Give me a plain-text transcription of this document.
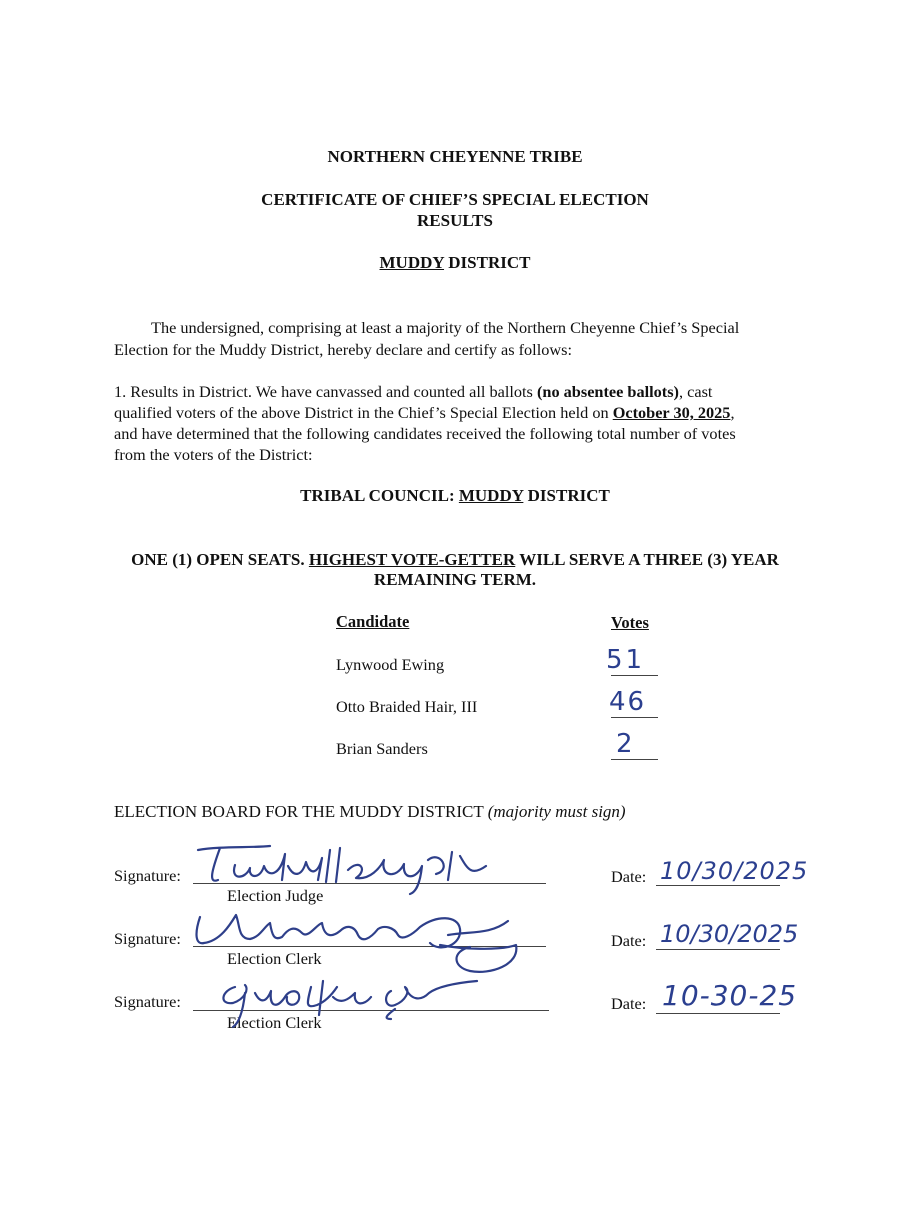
NORTHERN CHEYENNE TRIBE
CERTIFICATE OF CHIEF’S SPECIAL ELECTION
RESULTS
MUDDY DISTRICT
The undersigned, comprising at least a majority of the Northern Cheyenne Chief’s Special
Election for the Muddy District, hereby declare and certify as follows:
1. Results in District. We have canvassed and counted all ballots (no absentee ballots), cast
qualified voters of the above District in the Chief’s Special Election held on October 30, 2025,
and have determined that the following candidates received the following total number of votes
from the voters of the District:
TRIBAL COUNCIL: MUDDY DISTRICT
ONE (1) OPEN SEATS. HIGHEST VOTE-GETTER WILL SERVE A THREE (3) YEAR
REMAINING TERM.
Candidate	Votes
Lynwood Ewing	51
Otto Braided Hair, III	46
Brian Sanders	2
ELECTION BOARD FOR THE MUDDY DISTRICT (majority must sign)
Signature:
Election Judge
Date: 10/30/2025
Signature:
Election Clerk
Date: 10/30/2025
Signature:
Election Clerk
Date: 10-30-25
